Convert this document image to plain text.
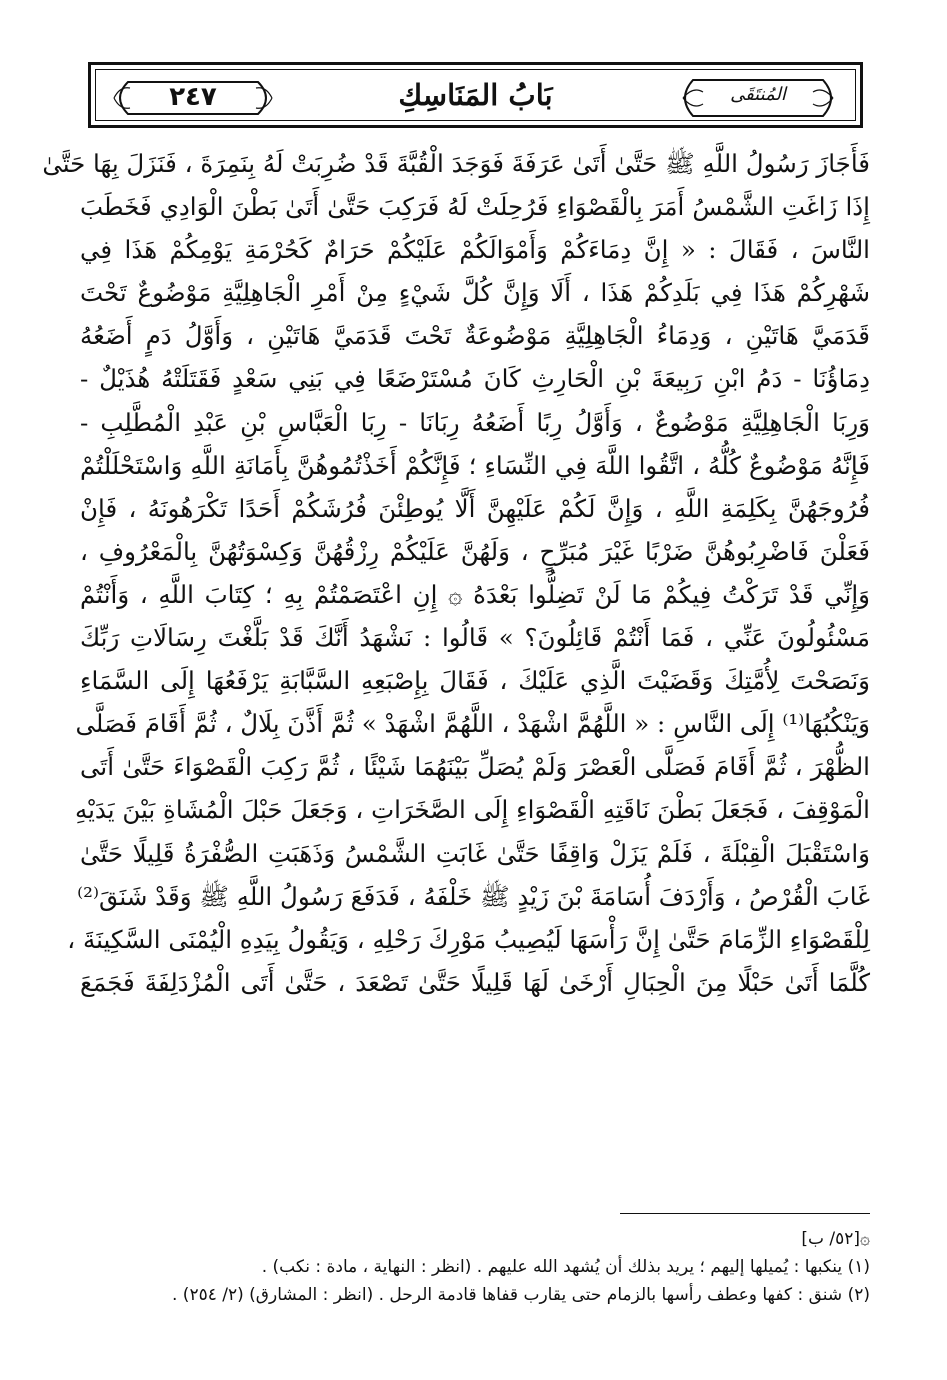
٢٤٧	بَابُ المَنَاسِكِ	المُنتَقَى
فَأَجَازَ رَسُولُ اللَّهِ ﷺ حَتَّىٰ أَتَىٰ عَرَفَةَ فَوَجَدَ الْقُبَّةَ قَدْ ضُرِبَتْ لَهُ بِنَمِرَةَ ، فَنَزَلَ بِهَا حَتَّىٰ
إِذَا زَاغَتِ الشَّمْسُ أَمَرَ بِالْقَصْوَاءِ فَرُحِلَتْ لَهُ فَرَكِبَ حَتَّىٰ أَتَىٰ بَطْنَ الْوَادِي فَخَطَبَ
النَّاسَ ، فَقَالَ : « إِنَّ دِمَاءَكُمْ وَأَمْوَالَكُمْ عَلَيْكُمْ حَرَامٌ كَحُرْمَةِ يَوْمِكُمْ هَذَا فِي
شَهْرِكُمْ هَذَا فِي بَلَدِكُمْ هَذَا ، أَلَا وَإِنَّ كُلَّ شَيْءٍ مِنْ أَمْرِ الْجَاهِلِيَّةِ مَوْضُوعٌ تَحْتَ
قَدَمَيَّ هَاتَيْنِ ، وَدِمَاءُ الْجَاهِلِيَّةِ مَوْضُوعَةٌ تَحْتَ قَدَمَيَّ هَاتَيْنِ ، وَأَوَّلُ دَمٍ أَضَعُهُ
دِمَاؤُنَا - دَمُ ابْنِ رَبِيعَةَ بْنِ الْحَارِثِ كَانَ مُسْتَرْضَعًا فِي بَنِي سَعْدٍ فَقَتَلَتْهُ هُذَيْلٌ -
وَرِبَا الْجَاهِلِيَّةِ مَوْضُوعٌ ، وَأَوَّلُ رِبًا أَضَعُهُ رِبَانَا - رِبَا الْعَبَّاسِ بْنِ عَبْدِ الْمُطَّلِبِ -
فَإِنَّهُ مَوْضُوعٌ كُلُّهُ ، اتَّقُوا اللَّهَ فِي النِّسَاءِ ؛ فَإِنَّكُمْ أَخَذْتُمُوهُنَّ بِأَمَانَةِ اللَّهِ وَاسْتَحْلَلْتُمْ
فُرُوجَهُنَّ بِكَلِمَةِ اللَّهِ ، وَإِنَّ لَكُمْ عَلَيْهِنَّ أَلَّا يُوطِئْنَ فُرُشَكُمْ أَحَدًا تَكْرَهُونَهُ ، فَإِنْ
فَعَلْنَ فَاضْرِبُوهُنَّ ضَرْبًا غَيْرَ مُبَرِّحٍ ، وَلَهُنَّ عَلَيْكُمْ رِزْقُهُنَّ وَكِسْوَتُهُنَّ بِالْمَعْرُوفِ ،
وَإِنِّي قَدْ تَرَكْتُ فِيكُمْ مَا لَنْ تَضِلُّوا بَعْدَهُ ۞ إِنِ اعْتَصَمْتُمْ بِهِ ؛ كِتَابَ اللَّهِ ، وَأَنْتُمْ
مَسْئُولُونَ عَنِّي ، فَمَا أَنْتُمْ قَائِلُونَ؟ » قَالُوا : نَشْهَدُ أَنَّكَ قَدْ بَلَّغْتَ رِسَالَاتِ رَبِّكَ
وَنَصَحْتَ لِأُمَّتِكَ وَقَضَيْتَ الَّذِي عَلَيْكَ ، فَقَالَ بِإِصْبَعِهِ السَّبَّابَةِ يَرْفَعُهَا إِلَى السَّمَاءِ
وَيَنْكُبُهَا⁽¹⁾ إِلَى النَّاسِ : « اللَّهُمَّ اشْهَدْ ، اللَّهُمَّ اشْهَدْ » ثُمَّ أَذَّنَ بِلَالٌ ، ثُمَّ أَقَامَ فَصَلَّى
الظُّهْرَ ، ثُمَّ أَقَامَ فَصَلَّى الْعَصْرَ وَلَمْ يُصَلِّ بَيْنَهُمَا شَيْئًا ، ثُمَّ رَكِبَ الْقَصْوَاءَ حَتَّىٰ أَتَى
الْمَوْقِفَ ، فَجَعَلَ بَطْنَ نَاقَتِهِ الْقَصْوَاءِ إِلَى الصَّخَرَاتِ ، وَجَعَلَ حَبْلَ الْمُشَاةِ بَيْنَ يَدَيْهِ
وَاسْتَقْبَلَ الْقِبْلَةَ ، فَلَمْ يَزَلْ وَاقِفًا حَتَّىٰ غَابَتِ الشَّمْسُ وَذَهَبَتِ الصُّفْرَةُ قَلِيلًا حَتَّىٰ
غَابَ الْقُرْصُ ، وَأَرْدَفَ أُسَامَةَ بْنَ زَيْدٍ ﷺ خَلْفَهُ ، فَدَفَعَ رَسُولُ اللَّهِ ﷺ وَقَدْ شَنَقَ⁽²⁾
لِلْقَصْوَاءِ الزِّمَامَ حَتَّىٰ إِنَّ رَأْسَهَا لَيُصِيبُ مَوْرِكَ رَحْلِهِ ، وَيَقُولُ بِيَدِهِ الْيُمْنَى السَّكِينَةَ ،
كُلَّمَا أَتَىٰ حَبْلًا مِنَ الْحِبَالِ أَرْخَىٰ لَهَا قَلِيلًا حَتَّىٰ تَصْعَدَ ، حَتَّىٰ أَتَى الْمُزْدَلِفَةَ فَجَمَعَ
۞[٥٢/ ب]
(١) ينكبها : يُميلها إليهم ؛ يريد بذلك أن يُشهد الله عليهم . (انظر : النهاية ، مادة : نكب) .
(٢) شنق : كفها وعطف رأسها بالزمام حتى يقارب قفاها قادمة الرحل . (انظر : المشارق) (٢/ ٢٥٤) .
